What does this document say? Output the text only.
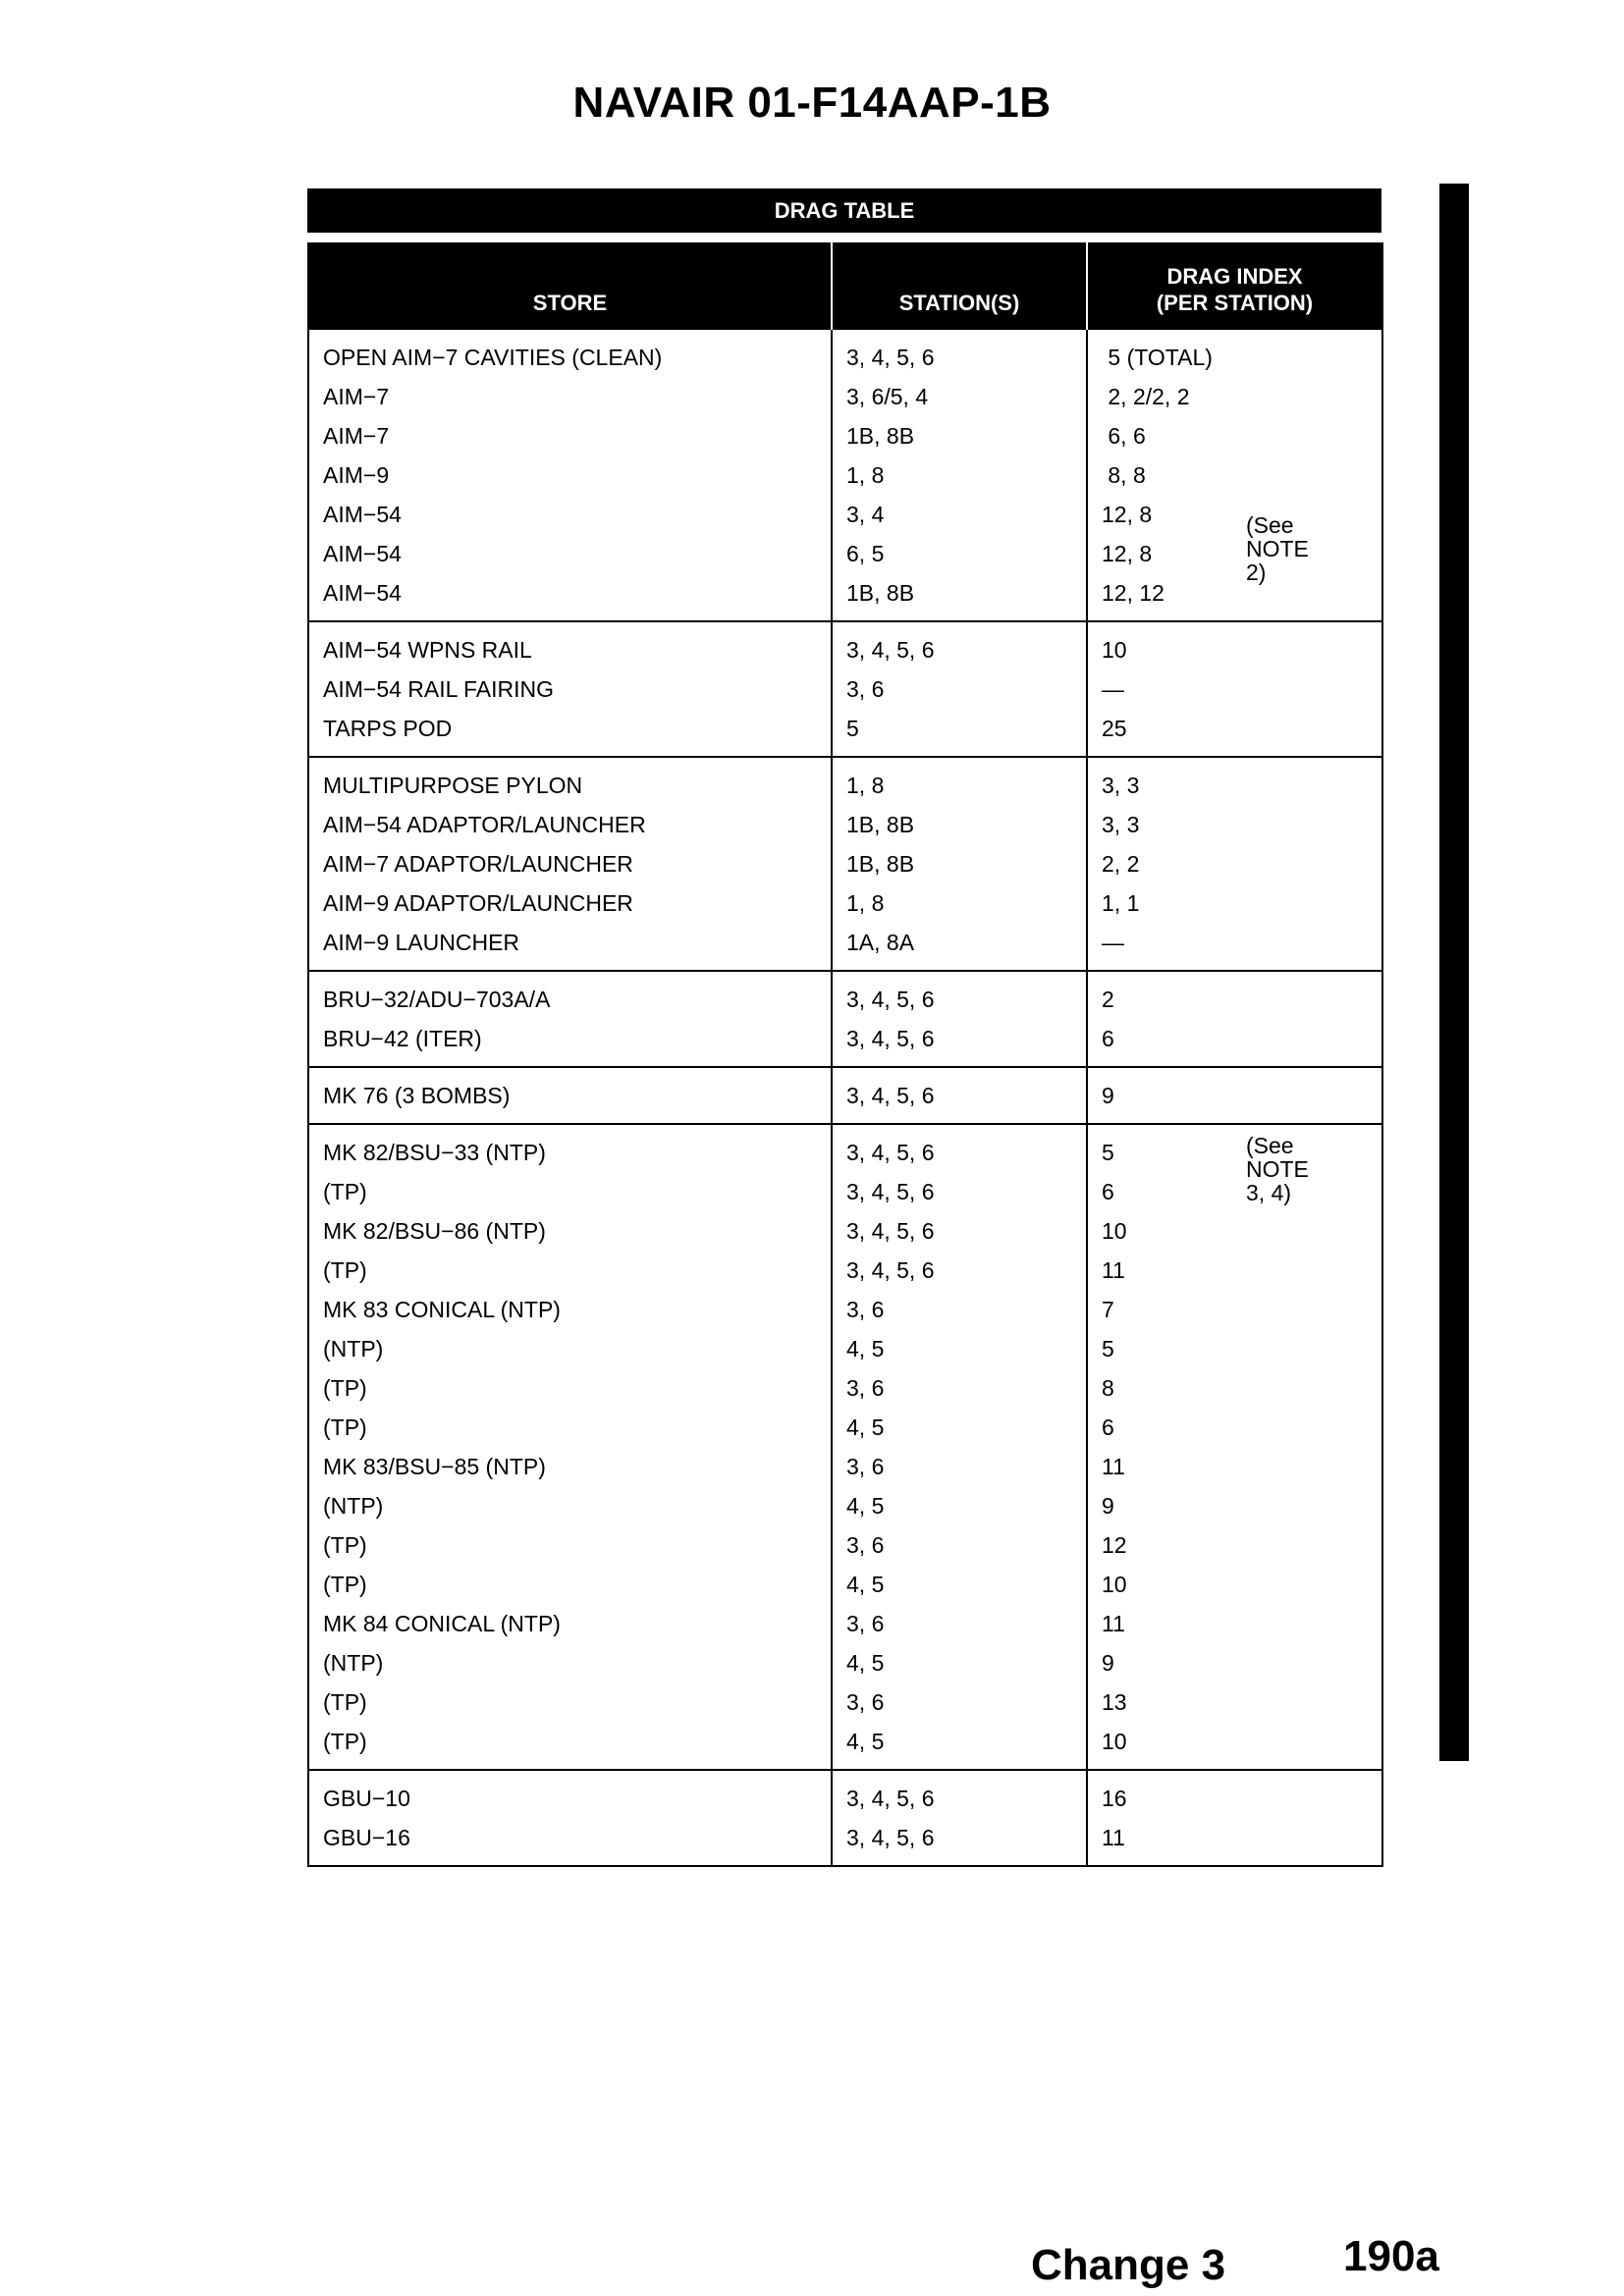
NAVAIR 01-F14AAP-1B
DRAG TABLE
STORE	STATION(S)	DRAG INDEX
(PER STATION)
OPEN AIM−7 CAVITIES (CLEAN)	3, 4, 5, 6	5 (TOTAL)
AIM−7	3, 6/5, 4	2, 2/2, 2
AIM−7	1B, 8B	6, 6
AIM−9	1, 8	8, 8
AIM−54	3, 4	12, 8
AIM−54	6, 5	12, 8
AIM−54	1B, 8B	12, 12
AIM−54 WPNS RAIL	3, 4, 5, 6	10
AIM−54 RAIL FAIRING	3, 6	—
TARPS POD	5	25
MULTIPURPOSE PYLON	1, 8	3, 3
AIM−54 ADAPTOR/LAUNCHER	1B, 8B	3, 3
AIM−7 ADAPTOR/LAUNCHER	1B, 8B	2, 2
AIM−9 ADAPTOR/LAUNCHER	1, 8	1, 1
AIM−9 LAUNCHER	1A, 8A	—
BRU−32/ADU−703A/A	3, 4, 5, 6	2
BRU−42 (ITER)	3, 4, 5, 6	6
MK 76 (3 BOMBS)	3, 4, 5, 6	9
MK 82/BSU−33 (NTP)	3, 4, 5, 6	5
(TP)	3, 4, 5, 6	6
MK 82/BSU−86 (NTP)	3, 4, 5, 6	10
(TP)	3, 4, 5, 6	11
MK 83 CONICAL (NTP)	3, 6	7
(NTP)	4, 5	5
(TP)	3, 6	8
(TP)	4, 5	6
MK 83/BSU−85 (NTP)	3, 6	11
(NTP)	4, 5	9
(TP)	3, 6	12
(TP)	4, 5	10
MK 84 CONICAL (NTP)	3, 6	11
(NTP)	4, 5	9
(TP)	3, 6	13
(TP)	4, 5	10
GBU−10	3, 4, 5, 6	16
GBU−16	3, 4, 5, 6	11
(See
NOTE
2)
(See
NOTE
3, 4)
Change 3	190a
